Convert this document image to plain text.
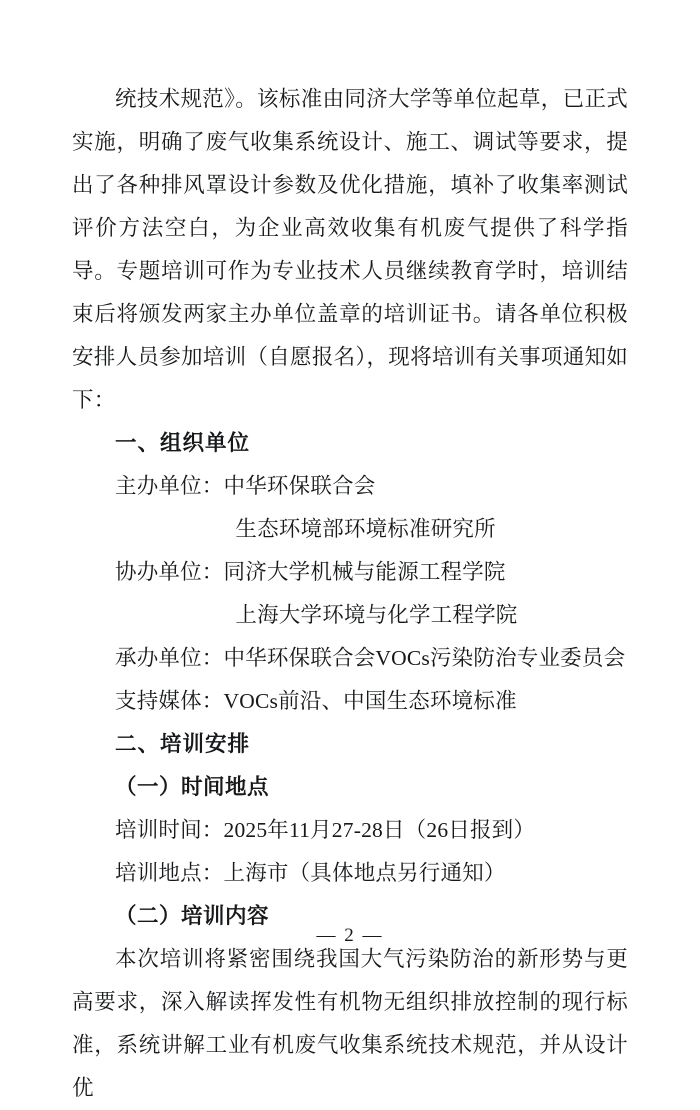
统技术规范》。该标准由同济大学等单位起草，已正式实施，明确了废气收集系统设计、施工、调试等要求，提出了各种排风罩设计参数及优化措施，填补了收集率测试评价方法空白，为企业高效收集有机废气提供了科学指导。专题培训可作为专业技术人员继续教育学时，培训结束后将颁发两家主办单位盖章的培训证书。请各单位积极安排人员参加培训（自愿报名），现将培训有关事项通知如下：

一、组织单位

主办单位：中华环保联合会

生态环境部环境标准研究所

协办单位：同济大学机械与能源工程学院

上海大学环境与化学工程学院

承办单位：中华环保联合会VOCs污染防治专业委员会

支持媒体：VOCs前沿、中国生态环境标准

二、培训安排

（一）时间地点

培训时间：2025年11月27-28日（26日报到）

培训地点：上海市（具体地点另行通知）

（二）培训内容

本次培训将紧密围绕我国大气污染防治的新形势与更高要求，深入解读挥发性有机物无组织排放控制的现行标准，系统讲解工业有机废气收集系统技术规范，并从设计优

— 2 —
